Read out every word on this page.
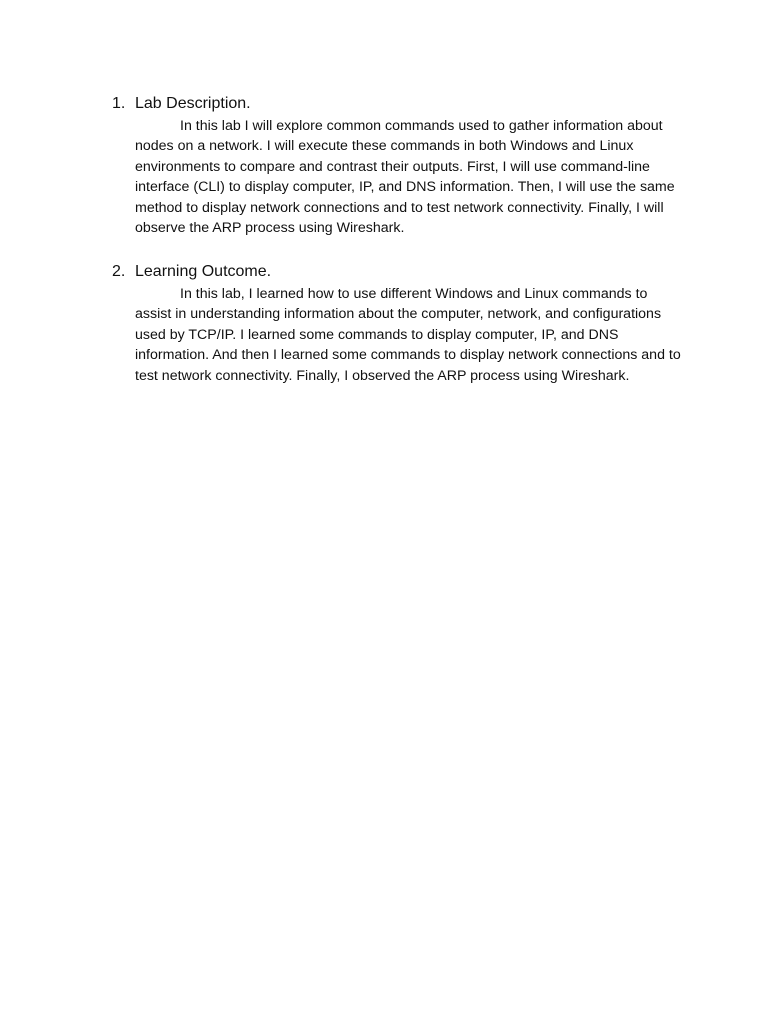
1. Lab Description.

In this lab I will explore common commands used to gather information about nodes on a network. I will execute these commands in both Windows and Linux environments to compare and contrast their outputs. First, I will use command-line interface (CLI) to display computer, IP, and DNS information. Then, I will use the same method to display network connections and to test network connectivity. Finally, I will observe the ARP process using Wireshark.

2. Learning Outcome.

In this lab, I learned how to use different Windows and Linux commands to assist in understanding information about the computer, network, and configurations used by TCP/IP. I learned some commands to display computer, IP, and DNS information. And then I learned some commands to display network connections and to test network connectivity. Finally, I observed the ARP process using Wireshark.
